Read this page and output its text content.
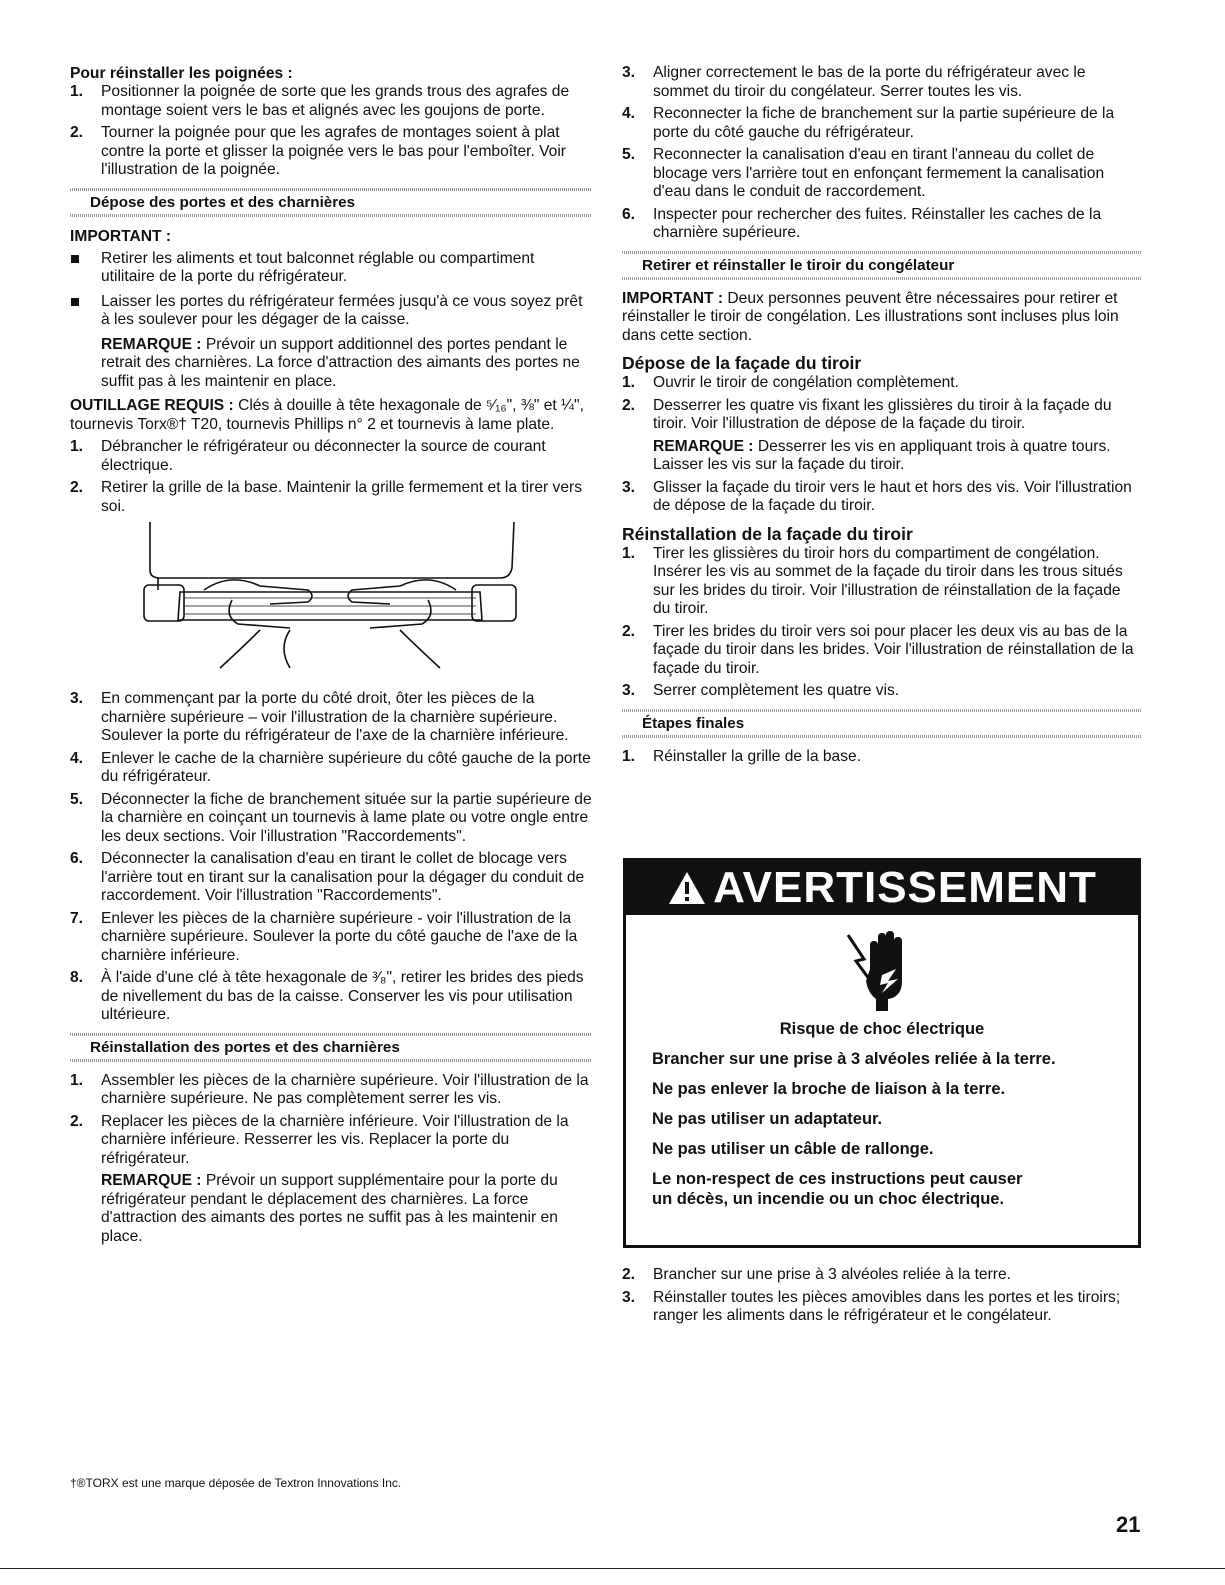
Pour réinstaller les poignées :

1. Positionner la poignée de sorte que les grands trous des agrafes de montage soient vers le bas et alignés avec les goujons de porte.
2. Tourner la poignée pour que les agrafes de montages soient à plat contre la porte et glisser la poignée vers le bas pour l'emboîter. Voir l'illustration de la poignée.
Dépose des portes et des charnières

IMPORTANT :

Retirer les aliments et tout balconnet réglable ou compartiment utilitaire de la porte du réfrigérateur.
Laisser les portes du réfrigérateur fermées jusqu'à ce vous soyez prêt à les soulever pour les dégager de la caisse.

REMARQUE : Prévoir un support additionnel des portes pendant le retrait des charnières. La force d'attraction des aimants des portes ne suffit pas à les maintenir en place.

OUTILLAGE REQUIS : Clés à douille à tête hexagonale de ⁵⁄₁₆", ⅜" et ¼", tournevis Torx®† T20, tournevis Phillips n° 2 et tournevis à lame plate.

1. Débrancher le réfrigérateur ou déconnecter la source de courant électrique.
2. Retirer la grille de la base. Maintenir la grille fermement et la tirer vers soi.
3. En commençant par la porte du côté droit, ôter les pièces de la charnière supérieure – voir l'illustration de la charnière supérieure. Soulever la porte du réfrigérateur de l'axe de la charnière inférieure.
4. Enlever le cache de la charnière supérieure du côté gauche de la porte du réfrigérateur.
5. Déconnecter la fiche de branchement située sur la partie supérieure de la charnière en coinçant un tournevis à lame plate ou votre ongle entre les deux sections. Voir l'illustration "Raccordements".
6. Déconnecter la canalisation d'eau en tirant le collet de blocage vers l'arrière tout en tirant sur la canalisation pour la dégager du conduit de raccordement. Voir l'illustration "Raccordements".
7. Enlever les pièces de la charnière supérieure - voir l'illustration de la charnière supérieure. Soulever la porte du côté gauche de l'axe de la charnière inférieure.
8. À l'aide d'une clé à tête hexagonale de ³⁄₈", retirer les brides des pieds de nivellement du bas de la caisse. Conserver les vis pour utilisation ultérieure.
Réinstallation des portes et des charnières
1. Assembler les pièces de la charnière supérieure. Voir l'illustration de la charnière supérieure. Ne pas complètement serrer les vis.
2. Replacer les pièces de la charnière inférieure. Voir l'illustration de la charnière inférieure. Resserrer les vis. Replacer la porte du réfrigérateur.

REMARQUE : Prévoir un support supplémentaire pour la porte du réfrigérateur pendant le déplacement des charnières. La force d'attraction des aimants des portes ne suffit pas à les maintenir en place.

3. Aligner correctement le bas de la porte du réfrigérateur avec le sommet du tiroir du congélateur. Serrer toutes les vis.
4. Reconnecter la fiche de branchement sur la partie supérieure de la porte du côté gauche du réfrigérateur.
5. Reconnecter la canalisation d'eau en tirant l'anneau du collet de blocage vers l'arrière tout en enfonçant fermement la canalisation d'eau dans le conduit de raccordement.
6. Inspecter pour rechercher des fuites. Réinstaller les caches de la charnière supérieure.
Retirer et réinstaller le tiroir du congélateur

IMPORTANT : Deux personnes peuvent être nécessaires pour retirer et réinstaller le tiroir de congélation. Les illustrations sont incluses plus loin dans cette section.

Dépose de la façade du tiroir

1. Ouvrir le tiroir de congélation complètement.
2. Desserrer les quatre vis fixant les glissières du tiroir à la façade du tiroir. Voir l'illustration de dépose de la façade du tiroir.

REMARQUE : Desserrer les vis en appliquant trois à quatre tours. Laisser les vis sur la façade du tiroir.

3. Glisser la façade du tiroir vers le haut et hors des vis. Voir l'illustration de dépose de la façade du tiroir.

Réinstallation de la façade du tiroir

1. Tirer les glissières du tiroir hors du compartiment de congélation. Insérer les vis au sommet de la façade du tiroir dans les trous situés sur les brides du tiroir. Voir l'illustration de réinstallation de la façade du tiroir.
2. Tirer les brides du tiroir vers soi pour placer les deux vis au bas de la façade du tiroir dans les brides. Voir l'illustration de réinstallation de la façade du tiroir.
3. Serrer complètement les quatre vis.
Étapes finales
1. Réinstaller la grille de la base.
AVERTISSEMENT

Risque de choc électrique

Brancher sur une prise à 3 alvéoles reliée à la terre.

Ne pas enlever la broche de liaison à la terre.

Ne pas utiliser un adaptateur.

Ne pas utiliser un câble de rallonge.

Le non-respect de ces instructions peut causer

un décès, un incendie ou un choc électrique.

2. Brancher sur une prise à 3 alvéoles reliée à la terre.
3. Réinstaller toutes les pièces amovibles dans les portes et les tiroirs; ranger les aliments dans le réfrigérateur et le congélateur.
†®TORX est une marque déposée de Textron Innovations Inc.
21
